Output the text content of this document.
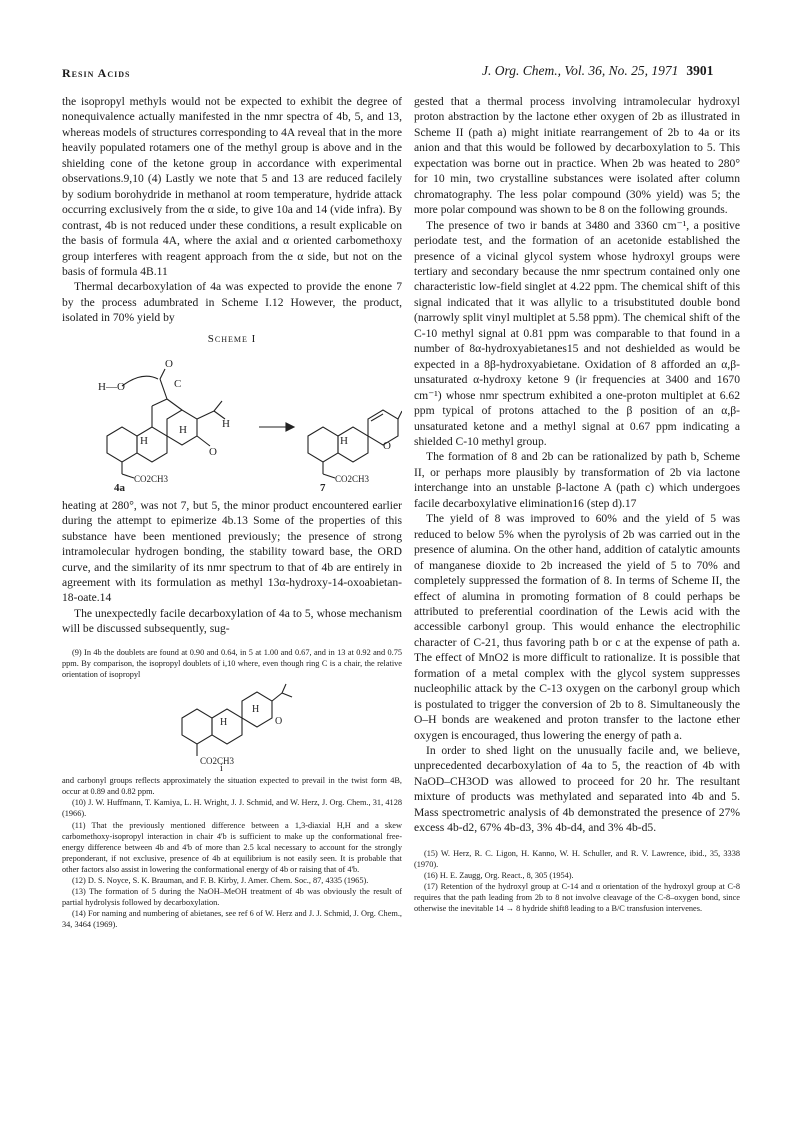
Resin Acids	J. Org. Chem., Vol. 36, No. 25, 1971 3901

the isopropyl methyls would not be expected to exhibit the degree of nonequivalence actually manifested in the nmr spectra of 4b, 5, and 13, whereas models of structures corresponding to 4A reveal that in the more heavily populated rotamers one of the methyl group is above and in the shielding cone of the ketone group in accordance with experimental observations.9,10 (4) Lastly we note that 5 and 13 are reduced facilely by sodium borohydride in methanol at room temperature, hydride attack occurring exclusively from the α side, to give 10a and 14 (vide infra). By contrast, 4b is not reduced under these conditions, a result explicable on the basis of formula 4A, where the axial and α oriented carbomethoxy group interferes with reagent approach from the α side, but not on the basis of formula 4B.11

Thermal decarboxylation of 4a was expected to provide the enone 7 by the process adumbrated in Scheme I.12 However, the product, isolated in 70% yield by

Scheme I
H—O
O
C
O
H
H
H
H	O
4a	7
CO2CH3	CO2CH3

heating at 280°, was not 7, but 5, the minor product encountered earlier during the attempt to epimerize 4b.13 Some of the properties of this substance have been mentioned previously; the presence of strong intramolecular hydrogen bonding, the stability toward base, the ORD curve, and the similarity of its nmr spectrum to that of 4b are entirely in agreement with its formulation as methyl 13α-hydroxy-14-oxoabietan-18-oate.14

The unexpectedly facile decarboxylation of 4a to 5, whose mechanism will be discussed subsequently, sug-

(9) In 4b the doublets are found at 0.90 and 0.64, in 5 at 1.00 and 0.67, and in 13 at 0.92 and 0.75 ppm. By comparison, the isopropyl doublets of i,10 where, even though ring C is a chair, the relative orientation of isopropyl

H
H	O
CO2CH3
i

and carbonyl groups reflects approximately the situation expected to prevail in the twist form 4B, occur at 0.89 and 0.82 ppm.

(10) J. W. Huffmann, T. Kamiya, L. H. Wright, J. J. Schmid, and W. Herz, J. Org. Chem., 31, 4128 (1966).

(11) That the previously mentioned difference between a 1,3-diaxial H,H and a skew carbomethoxy-isopropyl interaction in chair 4'b is sufficient to make up the conformational free-energy difference between 4b and 4'b of more than 2.5 kcal necessary to account for the strongly preponderant, if not exclusive, presence of 4b at equilibrium is not easily seen. It is probable that other factors also assist in lowering the conformational energy of 4b or raising that of 4'b.

(12) D. S. Noyce, S. K. Brauman, and F. B. Kirby, J. Amer. Chem. Soc., 87, 4335 (1965).

(13) The formation of 5 during the NaOH–MeOH treatment of 4b was obviously the result of partial hydrolysis followed by decarboxylation.

(14) For naming and numbering of abietanes, see ref 6 of W. Herz and J. J. Schmid, J. Org. Chem., 34, 3464 (1969).

gested that a thermal process involving intramolecular hydroxyl proton abstraction by the lactone ether oxygen of 2b as illustrated in Scheme II (path a) might initiate rearrangement of 2b to 4a or its anion and that this would be followed by decarboxylation to 5. This expectation was borne out in practice. When 2b was heated to 280° for 10 min, two crystalline substances were isolated after column chromatography. The less polar compound (30% yield) was 5; the more polar compound was shown to be 8 on the following grounds.

The presence of two ir bands at 3480 and 3360 cm⁻¹, a positive periodate test, and the formation of an acetonide established the presence of a vicinal glycol system whose hydroxyl groups were tertiary and secondary because the nmr spectrum contained only one characteristic low-field singlet at 4.22 ppm. The chemical shift of this signal indicated that it was allylic to a trisubstituted double bond (narrowly split vinyl multiplet at 5.58 ppm). The chemical shift of the C-10 methyl signal at 0.81 ppm was comparable to that found in a number of 8α-hydroxyabietanes15 and not deshielded as would be expected in a 8β-hydroxyabietane. Oxidation of 8 afforded an α,β-unsaturated α-hydroxy ketone 9 (ir frequencies at 3400 and 1670 cm⁻¹) whose nmr spectrum exhibited a one-proton multiplet at 6.62 ppm typical of protons attached to the β position of an α,β-unsaturated ketone and a methyl signal at 0.67 ppm indicating a shielded C-10 methyl group.

The formation of 8 and 2b can be rationalized by path b, Scheme II, or perhaps more plausibly by transformation of 2b via lactone interchange into an unstable β-lactone A (path c) which undergoes facile decarboxylative elimination16 (step d).17

The yield of 8 was improved to 60% and the yield of 5 was reduced to below 5% when the pyrolysis of 2b was carried out in the presence of alumina. On the other hand, addition of catalytic amounts of manganese dioxide to 2b increased the yield of 5 to 70% and completely suppressed the formation of 8. In terms of Scheme II, the effect of alumina in promoting formation of 8 could perhaps be attributed to preferential coordination of the Lewis acid with the accessible carbonyl group. This would enhance the electrophilic character of C-21, thus favoring path b or c at the expense of path a. The effect of MnO2 is more difficult to rationalize. It is possible that formation of a metal complex with the glycol system suppresses nucleophilic attack by the C-13 oxygen on the carbonyl group which is postulated to trigger the conversion of 2b to 8. Simultaneously the O–H bonds are weakened and proton transfer to the lactone ether oxygen is encouraged, thus lowering the energy of path a.

In order to shed light on the unusually facile and, we believe, unprecedented decarboxylation of 4a to 5, the reaction of 4b with NaOD–CH3OD was allowed to proceed for 20 hr. The resultant mixture of products was methylated and separated into 4b and 5. Mass spectrometric analysis of 4b demonstrated the presence of 27% excess 4b-d2, 67% 4b-d3, 3% 4b-d4, and 3% 4b-d5.

(15) W. Herz, R. C. Ligon, H. Kanno, W. H. Schuller, and R. V. Lawrence, ibid., 35, 3338 (1970).

(16) H. E. Zaugg, Org. React., 8, 305 (1954).

(17) Retention of the hydroxyl group at C-14 and α orientation of the hydroxyl group at C-8 requires that the path leading from 2b to 8 not involve cleavage of the C-8–oxygen bond, since otherwise the inevitable 14 → 8 hydride shift8 leading to a B/C transfusion intervenes.
